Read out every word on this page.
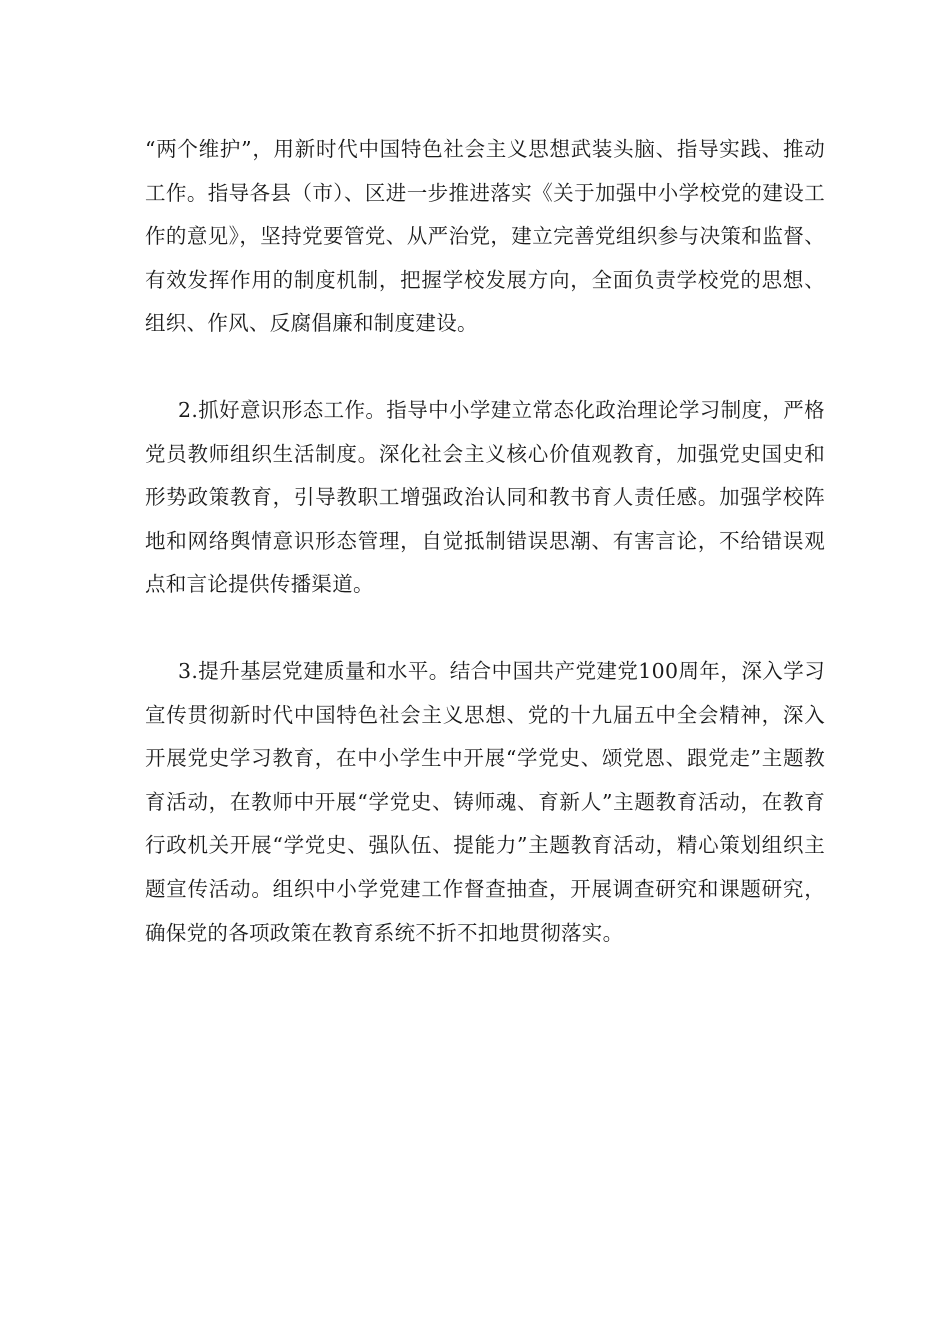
“两个维护”，用新时代中国特色社会主义思想武装头脑、指导实践、推动工作。指导各县（市）、区进一步推进落实《关于加强中小学校党的建设工作的意见》，坚持党要管党、从严治党，建立完善党组织参与决策和监督、有效发挥作用的制度机制，把握学校发展方向，全面负责学校党的思想、组织、作风、反腐倡廉和制度建设。

2.抓好意识形态工作。指导中小学建立常态化政治理论学习制度，严格党员教师组织生活制度。深化社会主义核心价值观教育，加强党史国史和形势政策教育，引导教职工增强政治认同和教书育人责任感。加强学校阵地和网络舆情意识形态管理，自觉抵制错误思潮、有害言论，不给错误观点和言论提供传播渠道。

3.提升基层党建质量和水平。结合中国共产党建党100周年，深入学习宣传贯彻新时代中国特色社会主义思想、党的十九届五中全会精神，深入开展党史学习教育，在中小学生中开展“学党史、颂党恩、跟党走”主题教育活动，在教师中开展“学党史、铸师魂、育新人”主题教育活动，在教育行政机关开展“学党史、强队伍、提能力”主题教育活动，精心策划组织主题宣传活动。组织中小学党建工作督查抽查，开展调查研究和课题研究，确保党的各项政策在教育系统不折不扣地贯彻落实。
